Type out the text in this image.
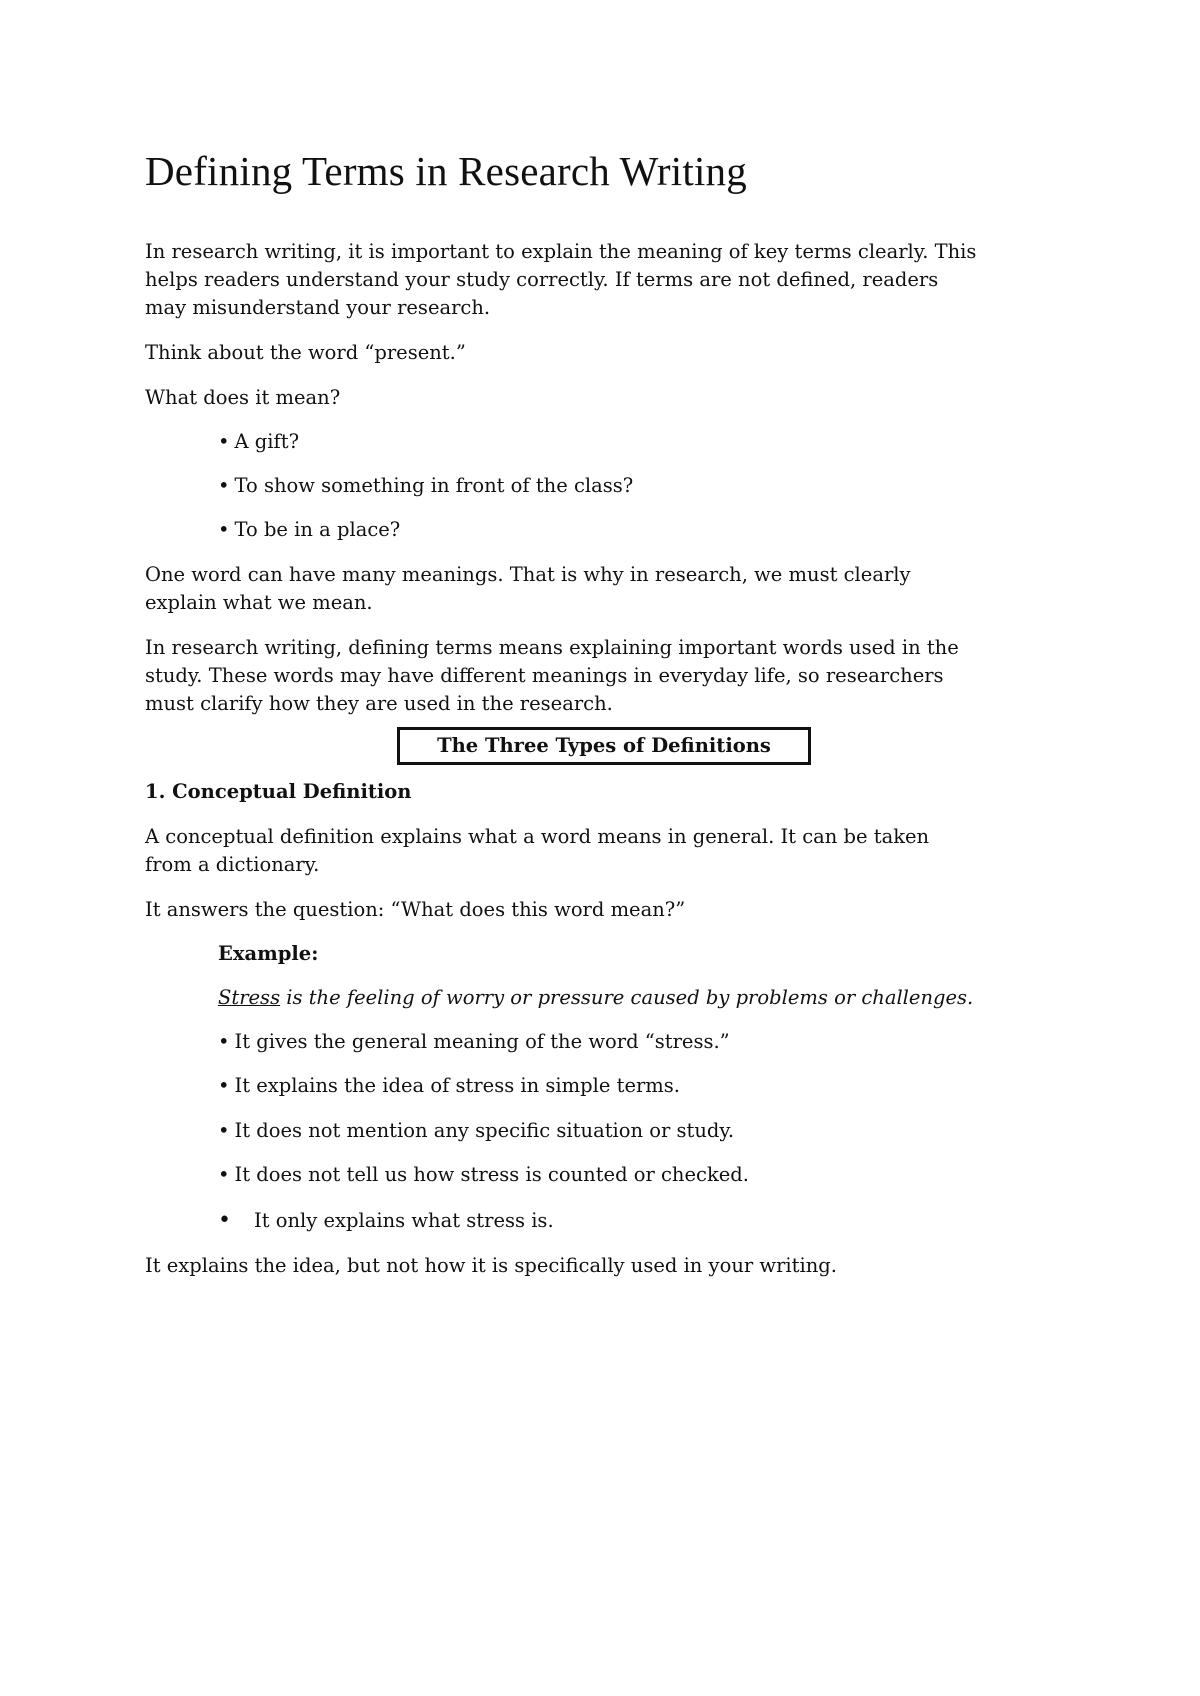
Defining Terms in Research Writing

In research writing, it is important to explain the meaning of key terms clearly. This

helps readers understand your study correctly. If terms are not defined, readers

may misunderstand your research.

Think about the word “present.”

What does it mean?

• A gift?

• To show something in front of the class?

• To be in a place?

One word can have many meanings. That is why in research, we must clearly

explain what we mean.

In research writing, defining terms means explaining important words used in the

study. These words may have different meanings in everyday life, so researchers

must clarify how they are used in the research.

The Three Types of Definitions
1. Conceptual Definition

A conceptual definition explains what a word means in general. It can be taken

from a dictionary.

It answers the question: “What does this word mean?”

Example:

Stress is the feeling of worry or pressure caused by problems or challenges.

• It gives the general meaning of the word “stress.”

• It explains the idea of stress in simple terms.

• It does not mention any specific situation or study.

• It does not tell us how stress is counted or checked.

• It only explains what stress is.

It explains the idea, but not how it is specifically used in your writing.
